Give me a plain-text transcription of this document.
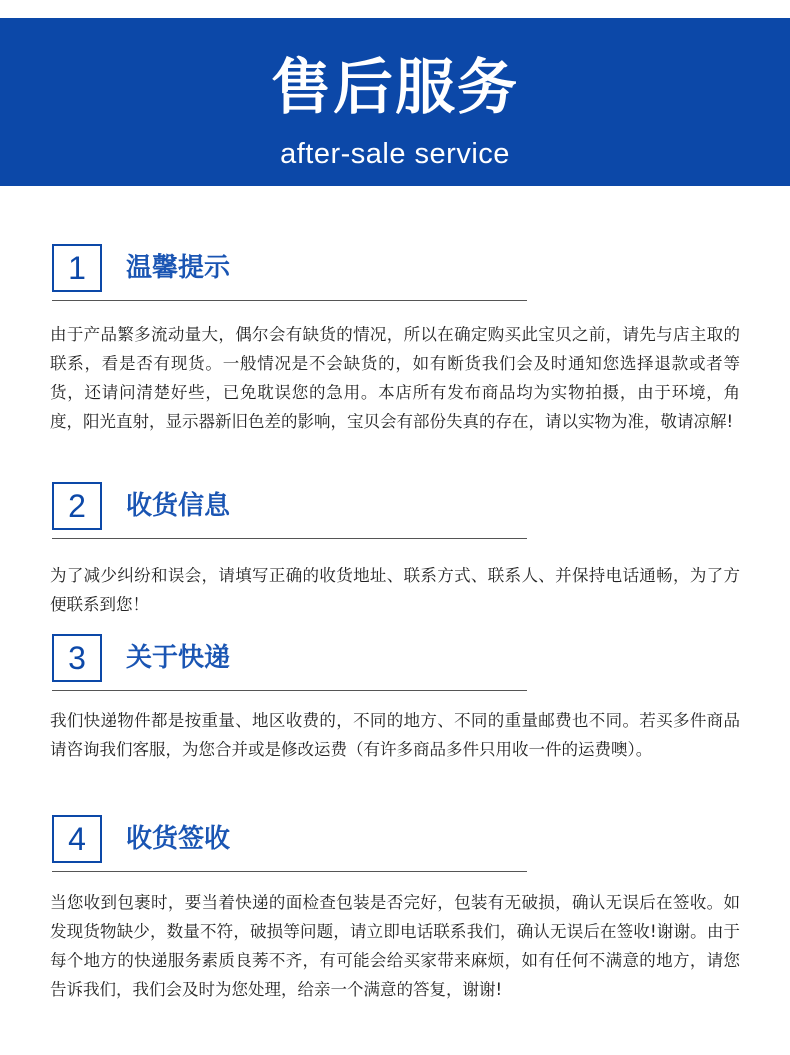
售后服务
after-sale service
1	温馨提示

由于产品繁多流动量大，偶尔会有缺货的情况，所以在确定购买此宝贝之前，请先与店主取的联系，看是否有现货。一般情况是不会缺货的，如有断货我们会及时通知您选择退款或者等货，还请问清楚好些，已免耽误您的急用。本店所有发布商品均为实物拍摄，由于环境，角度，阳光直射，显示器新旧色差的影响，宝贝会有部份失真的存在，请以实物为准，敬请凉解!

2	收货信息

为了减少纠纷和误会，请填写正确的收货地址、联系方式、联系人、并保持电话通畅，为了方便联系到您！

3	关于快递

我们快递物件都是按重量、地区收费的，不同的地方、不同的重量邮费也不同。若买多件商品请咨询我们客服，为您合并或是修改运费（有许多商品多件只用收一件的运费噢）。

4	收货签收

当您收到包裹时，要当着快递的面检查包装是否完好，包装有无破损，确认无误后在签收。如发现货物缺少，数量不符，破损等问题，请立即电话联系我们，确认无误后在签收!谢谢。由于每个地方的快递服务素质良莠不齐，有可能会给买家带来麻烦，如有任何不满意的地方，请您告诉我们，我们会及时为您处理，给亲一个满意的答复，谢谢!
